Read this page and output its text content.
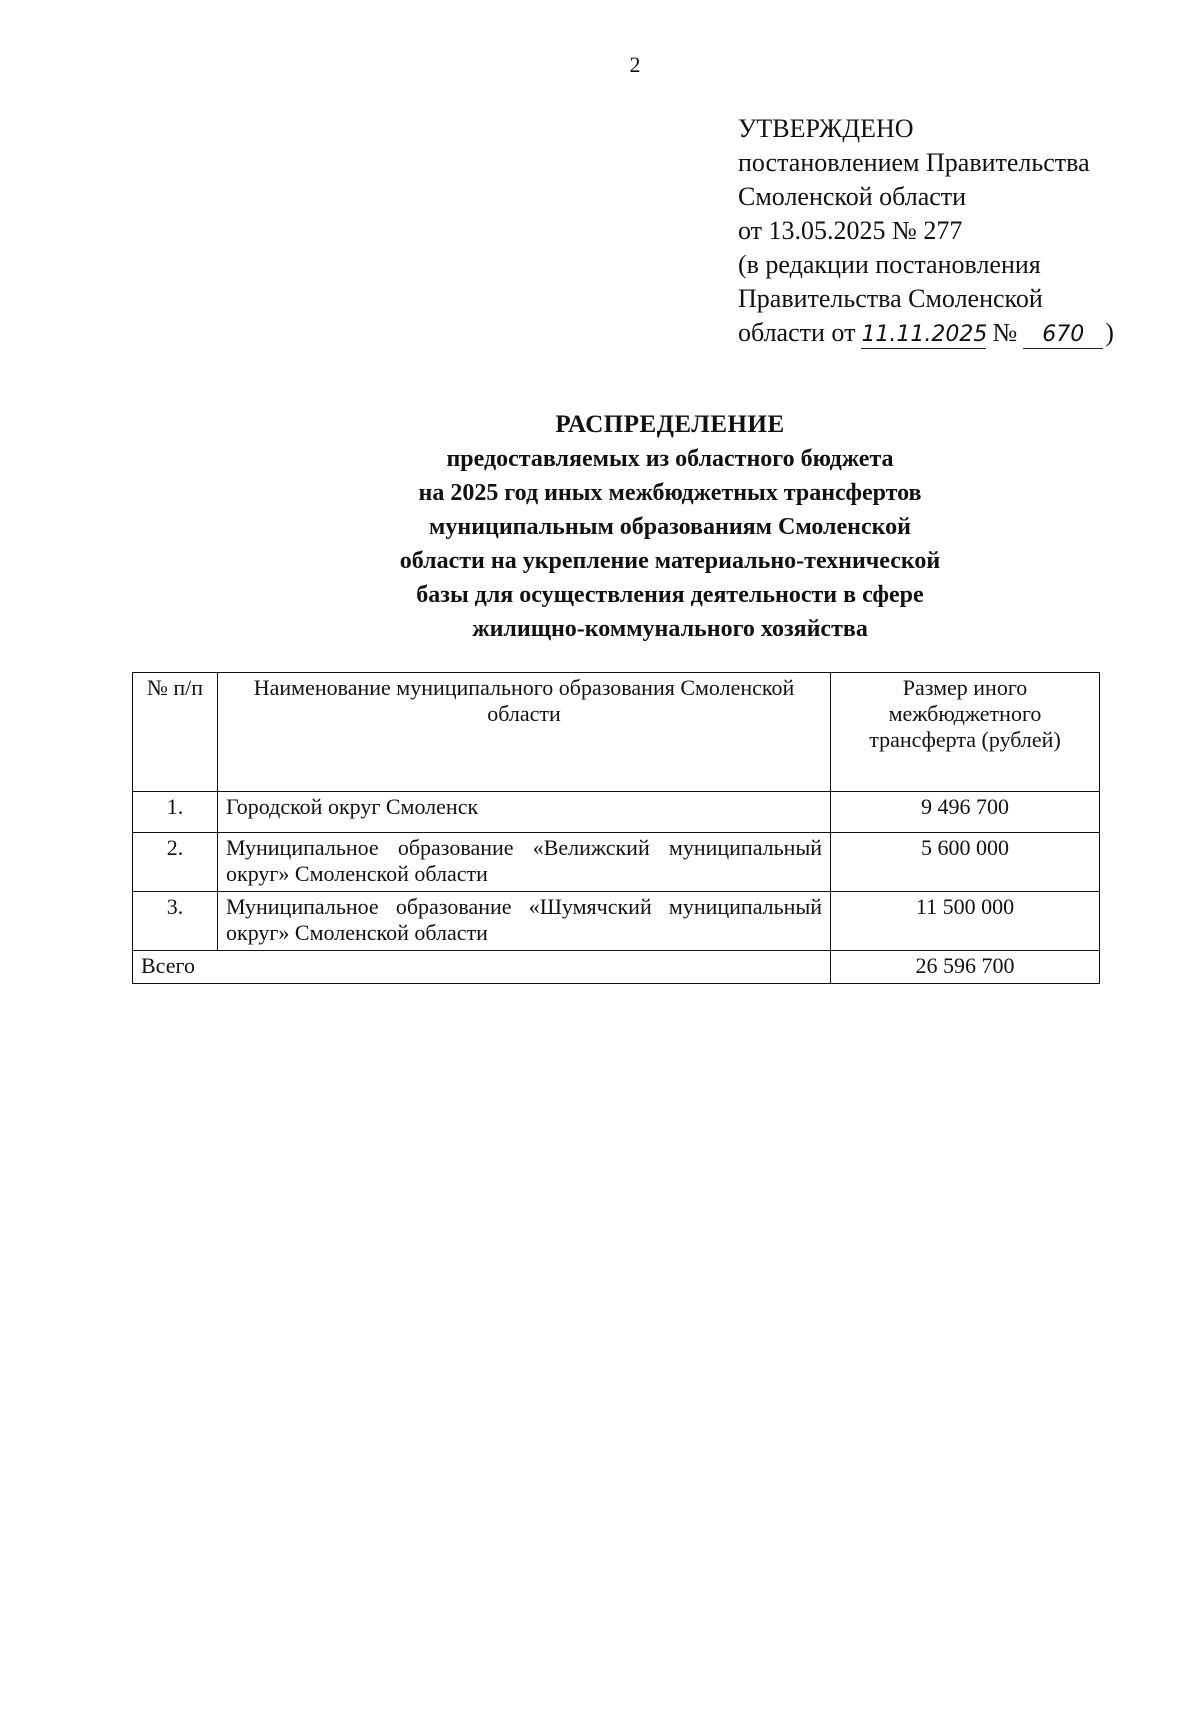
2
УТВЕРЖДЕНО
постановлением Правительства
Смоленской области
от 13.05.2025 № 277
(в редакции постановления
Правительства Смоленской
области от 11.11.2025 № 670 )
РАСПРЕДЕЛЕНИЕ
предоставляемых из областного бюджета
на 2025 год иных межбюджетных трансфертов
муниципальным образованиям Смоленской
области на укрепление материально-технической
базы для осуществления деятельности в сфере
жилищно-коммунального хозяйства
№ п/п	Наименование муниципального образования Смоленской области	Размер иного межбюджетного трансферта (рублей)
1.	Городской округ Смоленск	9 496 700
2.	Муниципальное образование «Велижский муниципальный округ» Смоленской области	5 600 000
3.	Муниципальное образование «Шумячский муниципальный округ» Смоленской области	11 500 000
Всего		26 596 700
